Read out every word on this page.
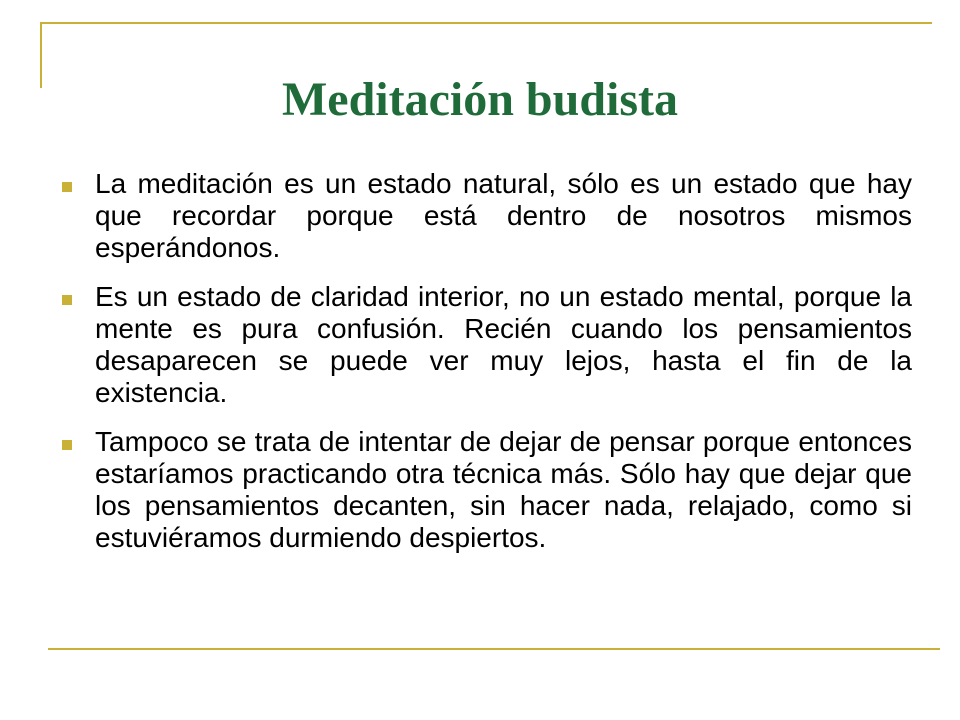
Meditación budista
La meditación es un estado natural, sólo es un estado que hay que recordar porque está dentro de nosotros mismos esperándonos.
Es un estado de claridad interior, no un estado mental, porque la mente es pura confusión. Recién cuando los pensamientos desaparecen se puede ver muy lejos, hasta el fin de la existencia.
Tampoco se trata de intentar de dejar de pensar porque entonces estaríamos practicando otra técnica más. Sólo hay que dejar que los pensamientos decanten, sin hacer nada, relajado, como si estuviéramos durmiendo despiertos.
